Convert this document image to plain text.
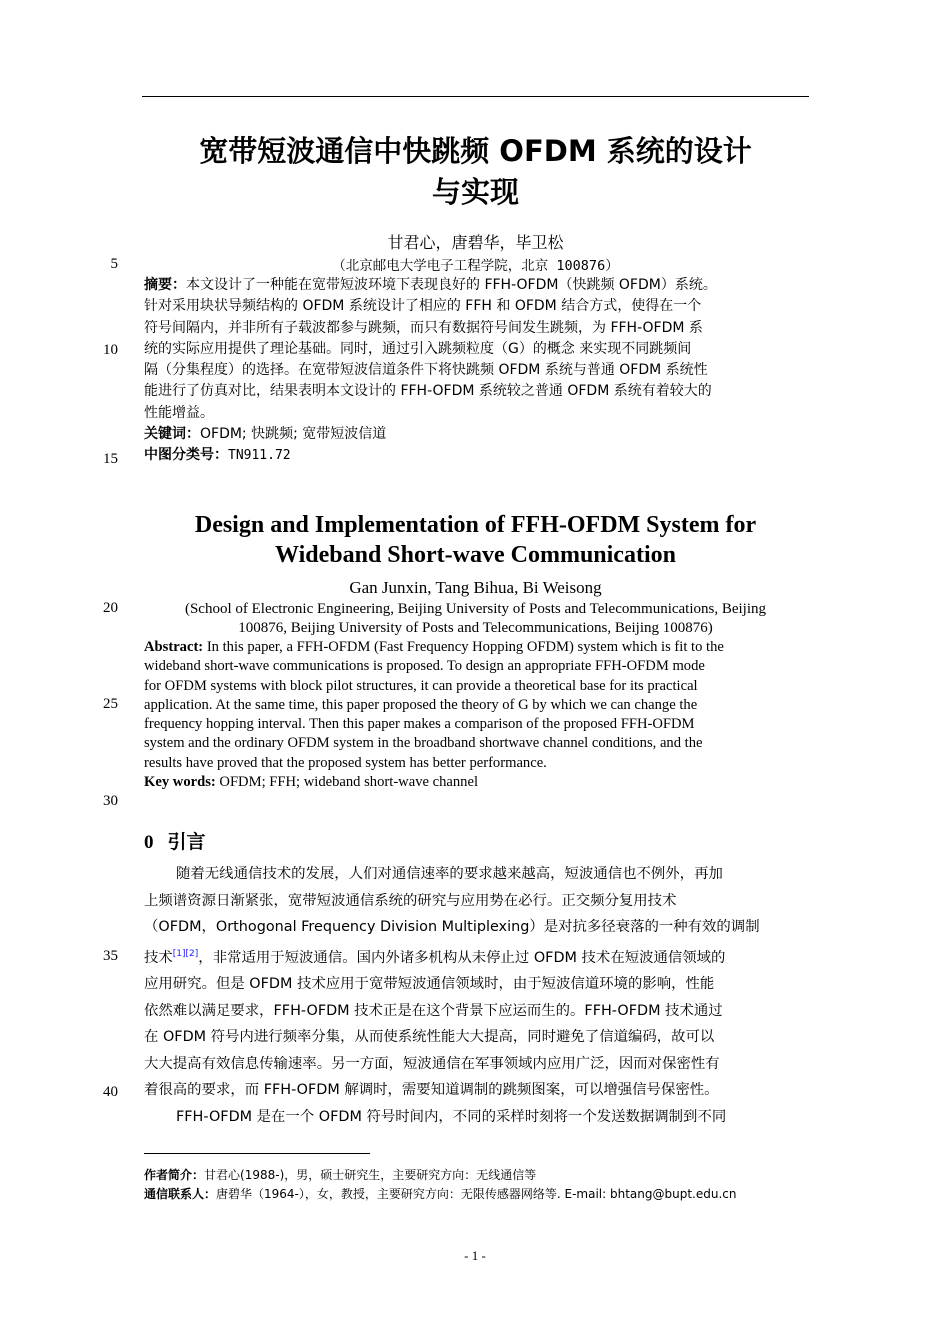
5
10
15
20
25
30
35
40
宽带短波通信中快跳频 OFDM 系统的设计
与实现
甘君心，唐碧华，毕卫松
（北京邮电大学电子工程学院，北京 100876）
摘要：本文设计了一种能在宽带短波环境下表现良好的 FFH-OFDM（快跳频 OFDM）系统。
针对采用块状导频结构的 OFDM 系统设计了相应的 FFH 和 OFDM 结合方式，使得在一个
符号间隔内，并非所有子载波都参与跳频，而只有数据符号间发生跳频，为 FFH-OFDM 系
统的实际应用提供了理论基础。同时，通过引入跳频粒度（G）的概念 来实现不同跳频间
隔（分集程度）的选择。在宽带短波信道条件下将快跳频 OFDM 系统与普通 OFDM 系统性
能进行了仿真对比，结果表明本文设计的 FFH-OFDM 系统较之普通 OFDM 系统有着较大的
性能增益。
关键词：OFDM; 快跳频; 宽带短波信道
中图分类号：TN911.72
Design and Implementation of FFH-OFDM System for
Wideband Short-wave Communication
Gan Junxin, Tang Bihua, Bi Weisong
(School of Electronic Engineering, Beijing University of Posts and Telecommunications, Beijing
100876, Beijing University of Posts and Telecommunications, Beijing 100876)
Abstract: In this paper, a FFH-OFDM (Fast Frequency Hopping OFDM) system which is fit to the
wideband short-wave communications is proposed. To design an appropriate FFH-OFDM mode
for OFDM systems with block pilot structures, it can provide a theoretical base for its practical
application. At the same time, this paper proposed the theory of G by which we can change the
frequency hopping interval. Then this paper makes a comparison of the proposed FFH-OFDM
system and the ordinary OFDM system in the broadband shortwave channel conditions, and the
results have proved that the proposed system has better performance.
Key words: OFDM; FFH; wideband short-wave channel
0 引言
随着无线通信技术的发展，人们对通信速率的要求越来越高，短波通信也不例外，再加
上频谱资源日渐紧张，宽带短波通信系统的研究与应用势在必行。正交频分复用技术
（OFDM，Orthogonal Frequency Division Multiplexing）是对抗多径衰落的一种有效的调制
技术[1][2]，非常适用于短波通信。国内外诸多机构从未停止过 OFDM 技术在短波通信领域的
应用研究。但是 OFDM 技术应用于宽带短波通信领域时，由于短波信道环境的影响，性能
依然难以满足要求，FFH-OFDM 技术正是在这个背景下应运而生的。FFH-OFDM 技术通过
在 OFDM 符号内进行频率分集，从而使系统性能大大提高，同时避免了信道编码，故可以
大大提高有效信息传输速率。另一方面，短波通信在军事领域内应用广泛，因而对保密性有
着很高的要求，而 FFH-OFDM 解调时，需要知道调制的跳频图案，可以增强信号保密性。
FFH-OFDM 是在一个 OFDM 符号时间内，不同的采样时刻将一个发送数据调制到不同
作者简介：甘君心(1988-)，男，硕士研究生，主要研究方向：无线通信等
通信联系人：唐碧华（1964-），女，教授，主要研究方向：无限传感器网络等. E-mail: bhtang@bupt.edu.cn
- 1 -
